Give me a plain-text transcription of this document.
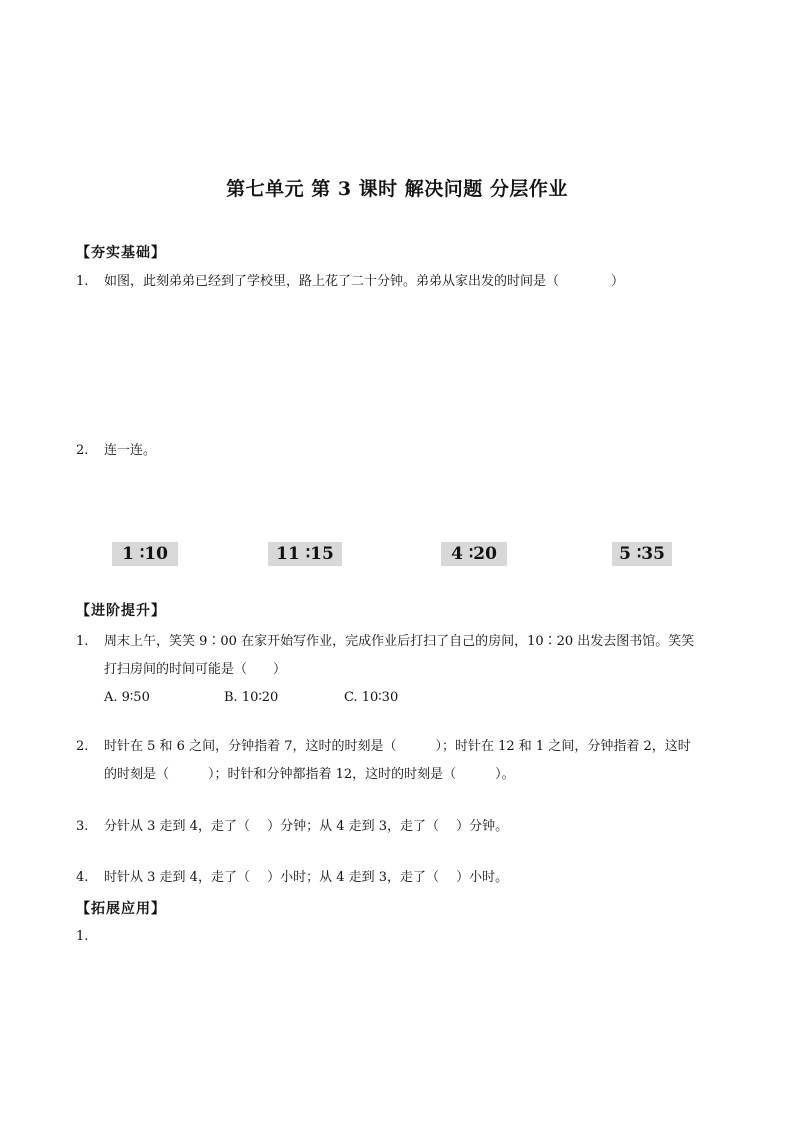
第七单元 第 3 课时 解决问题 分层作业
【夯实基础】
1. 如图，此刻弟弟已经到了学校里，路上花了二十分钟。弟弟从家出发的时间是（　　　　）
2. 连一连。
1 ∶10	11 ∶15	4 ∶20	5 ∶35
【进阶提升】
1. 周末上午，笑笑 9∶00 在家开始写作业，完成作业后打扫了自己的房间，10∶20 出发去图书馆。笑笑
打扫房间的时间可能是（　　）
A. 9∶50	B. 10∶20	C. 10∶30
2. 时针在 5 和 6 之间，分钟指着 7，这时的时刻是（　　　）；时针在 12 和 1 之间，分钟指着 2，这时
的时刻是（　　　）；时针和分钟都指着 12，这时的时刻是（　　　）。
3. 分针从 3 走到 4，走了（　 ）分钟；从 4 走到 3，走了（　 ）分钟。
4. 时针从 3 走到 4，走了（　 ）小时；从 4 走到 3，走了（　 ）小时。
【拓展应用】
1.
